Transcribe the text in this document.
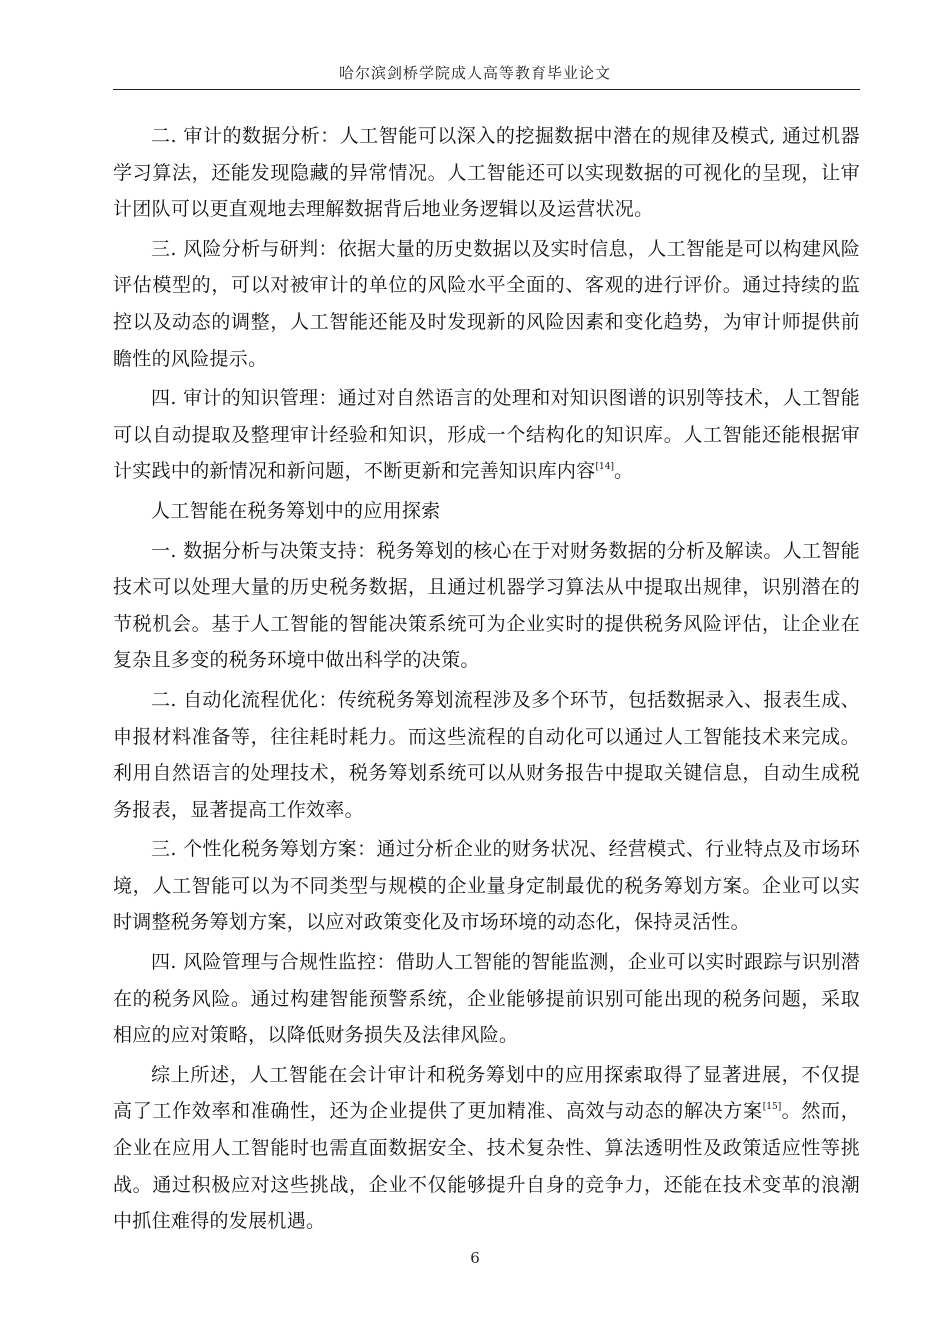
哈尔滨剑桥学院成人高等教育毕业论文

二. 审计的数据分析：人工智能可以深入的挖掘数据中潜在的规律及模式, 通过机器学习算法，还能发现隐藏的异常情况。人工智能还可以实现数据的可视化的呈现，让审计团队可以更直观地去理解数据背后地业务逻辑以及运营状况。

三. 风险分析与研判：依据大量的历史数据以及实时信息，人工智能是可以构建风险评估模型的，可以对被审计的单位的风险水平全面的、客观的进行评价。通过持续的监控以及动态的调整，人工智能还能及时发现新的风险因素和变化趋势，为审计师提供前瞻性的风险提示。

四. 审计的知识管理：通过对自然语言的处理和对知识图谱的识别等技术，人工智能可以自动提取及整理审计经验和知识，形成一个结构化的知识库。人工智能还能根据审计实践中的新情况和新问题，不断更新和完善知识库内容[14]。

人工智能在税务筹划中的应用探索

一. 数据分析与决策支持：税务筹划的核心在于对财务数据的分析及解读。人工智能技术可以处理大量的历史税务数据，且通过机器学习算法从中提取出规律，识别潜在的节税机会。基于人工智能的智能决策系统可为企业实时的提供税务风险评估，让企业在复杂且多变的税务环境中做出科学的决策。

二. 自动化流程优化：传统税务筹划流程涉及多个环节，包括数据录入、报表生成、申报材料准备等，往往耗时耗力。而这些流程的自动化可以通过人工智能技术来完成。利用自然语言的处理技术，税务筹划系统可以从财务报告中提取关键信息，自动生成税务报表，显著提高工作效率。

三. 个性化税务筹划方案：通过分析企业的财务状况、经营模式、行业特点及市场环境，人工智能可以为不同类型与规模的企业量身定制最优的税务筹划方案。企业可以实时调整税务筹划方案，以应对政策变化及市场环境的动态化，保持灵活性。

四. 风险管理与合规性监控：借助人工智能的智能监测，企业可以实时跟踪与识别潜在的税务风险。通过构建智能预警系统，企业能够提前识别可能出现的税务问题，采取相应的应对策略，以降低财务损失及法律风险。

综上所述，人工智能在会计审计和税务筹划中的应用探索取得了显著进展，不仅提高了工作效率和准确性，还为企业提供了更加精准、高效与动态的解决方案[15]。然而，企业在应用人工智能时也需直面数据安全、技术复杂性、算法透明性及政策适应性等挑战。通过积极应对这些挑战，企业不仅能够提升自身的竞争力，还能在技术变革的浪潮中抓住难得的发展机遇。

6
